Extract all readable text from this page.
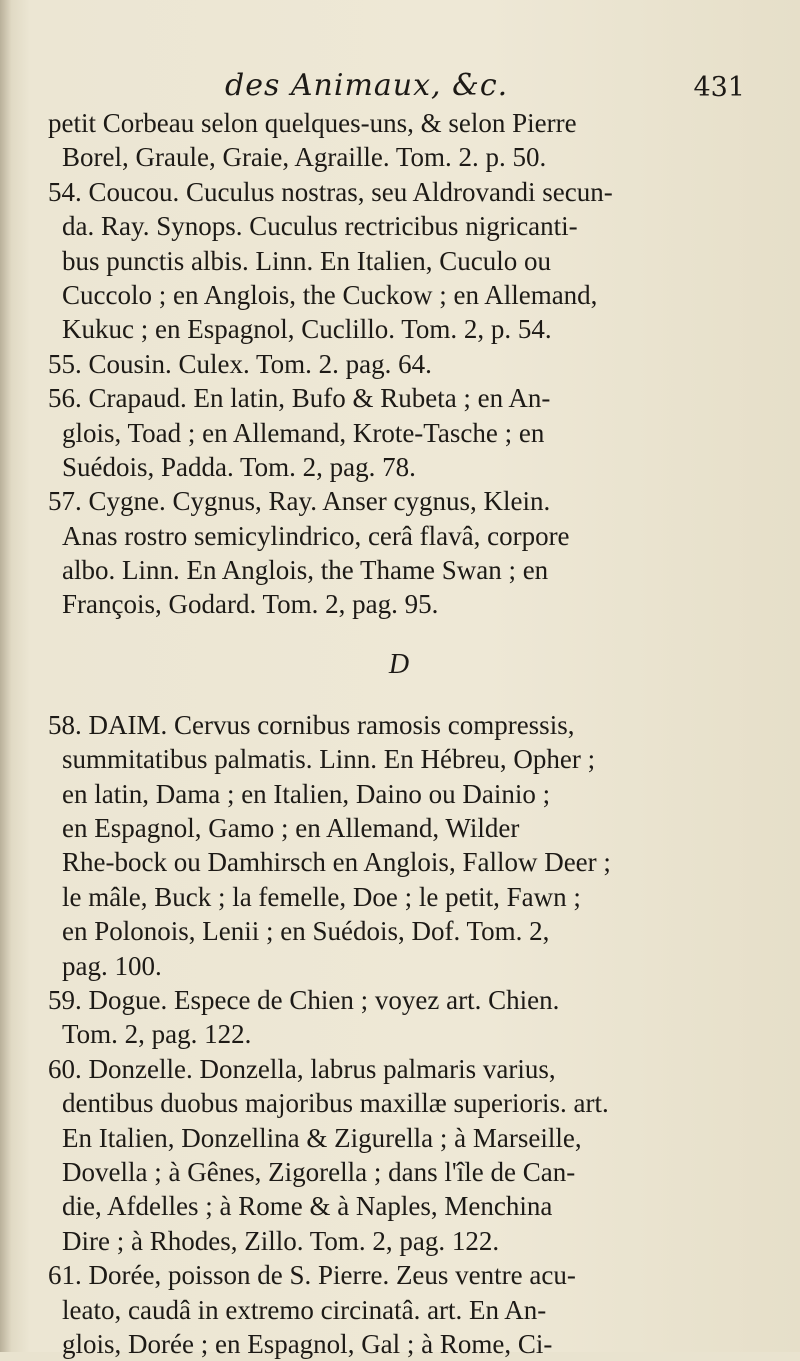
des Animaux, &c.	431
petit Corbeau selon quelques-uns, & selon Pierre
Borel, Graule, Graie, Agraille. Tom. 2. p. 50.
54. Coucou. Cuculus nostras, seu Aldrovandi secun-
da. Ray. Synops. Cuculus rectricibus nigricanti-
bus punctis albis. Linn. En Italien, Cuculo ou
Cuccolo ; en Anglois, the Cuckow ; en Allemand,
Kukuc ; en Espagnol, Cuclillo. Tom. 2, p. 54.
55. Cousin. Culex. Tom. 2. pag. 64.
56. Crapaud. En latin, Bufo & Rubeta ; en An-
glois, Toad ; en Allemand, Krote-Tasche ; en
Suédois, Padda. Tom. 2, pag. 78.
57. Cygne. Cygnus, Ray. Anser cygnus, Klein.
Anas rostro semicylindrico, cerâ flavâ, corpore
albo. Linn. En Anglois, the Thame Swan ; en
François, Godard. Tom. 2, pag. 95.
D
58. DAIM. Cervus cornibus ramosis compressis,
summitatibus palmatis. Linn. En Hébreu, Opher ;
en latin, Dama ; en Italien, Daino ou Dainio ;
en Espagnol, Gamo ; en Allemand, Wilder
Rhe-bock ou Damhirsch en Anglois, Fallow Deer ;
le mâle, Buck ; la femelle, Doe ; le petit, Fawn ;
en Polonois, Lenii ; en Suédois, Dof. Tom. 2,
pag. 100.
59. Dogue. Espece de Chien ; voyez art. Chien.
Tom. 2, pag. 122.
60. Donzelle. Donzella, labrus palmaris varius,
dentibus duobus majoribus maxillæ superioris. art.
En Italien, Donzellina & Zigurella ; à Marseille,
Dovella ; à Gênes, Zigorella ; dans l'île de Can-
die, Afdelles ; à Rome & à Naples, Menchina
Dire ; à Rhodes, Zillo. Tom. 2, pag. 122.
61. Dorée, poisson de S. Pierre. Zeus ventre acu-
leato, caudâ in extremo circinatâ. art. En An-
glois, Dorée ; en Espagnol, Gal ; à Rome, Ci-
